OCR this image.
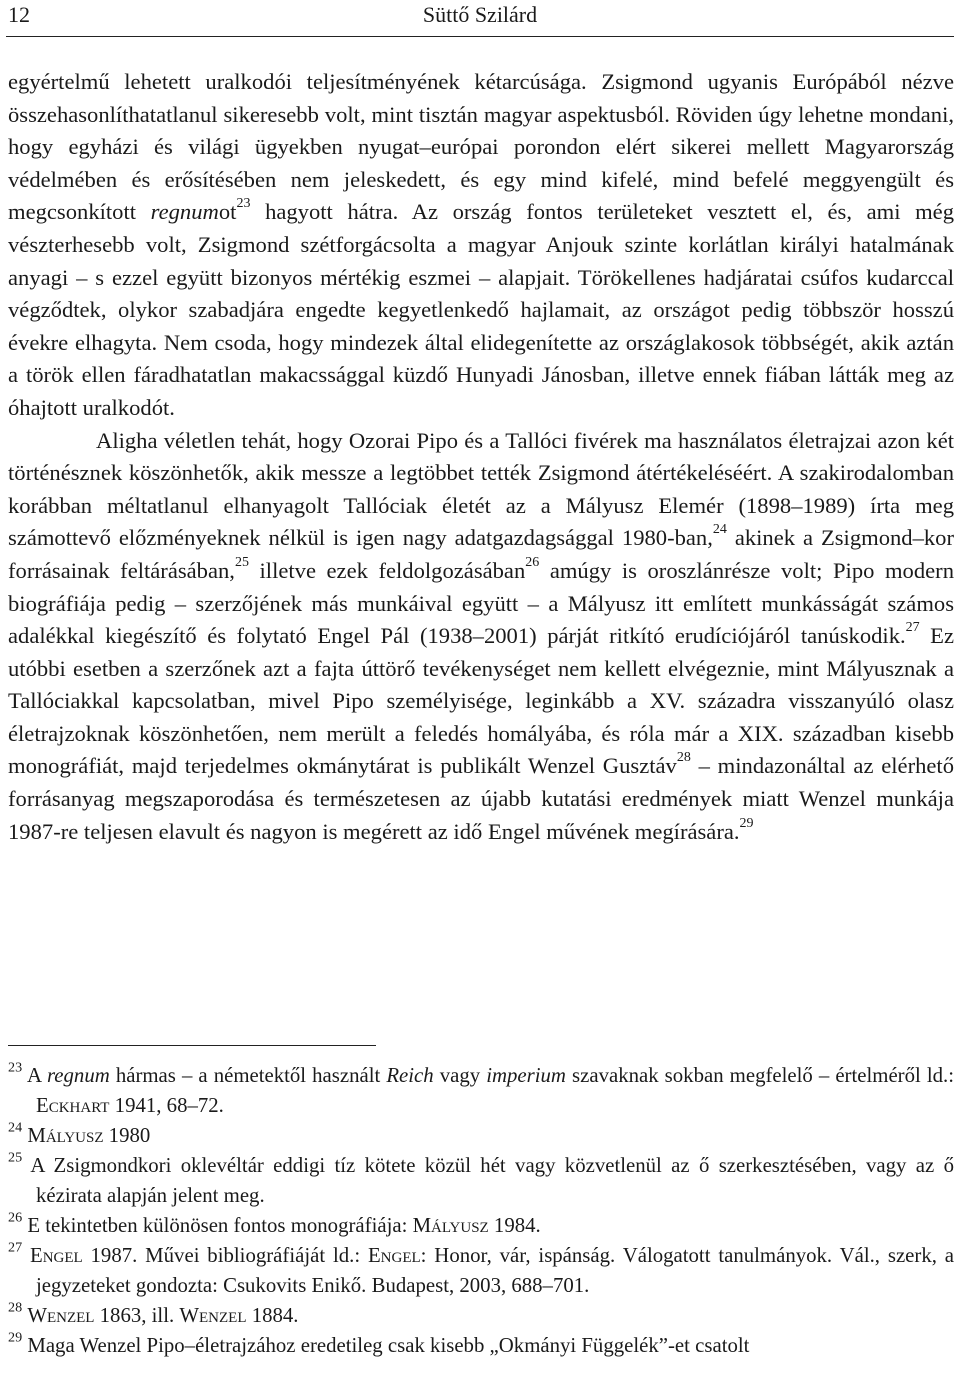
12	Süttő Szilárd

egyértelmű lehetett uralkodói teljesítményének kétarcúsága. Zsigmond ugyanis Európából nézve összehasonlíthatatlanul sikeresebb volt, mint tisztán magyar aspektusból. Röviden úgy lehetne mondani, hogy egyházi és világi ügyekben nyugat–európai porondon elért sikerei mellett Magyarország védelmében és erősítésében nem jeleskedett, és egy mind kifelé, mind befelé meggyengült és megcsonkított regnumot$^{23}$ hagyott hátra. Az ország fontos területeket vesztett el, és, ami még vészterhesebb volt, Zsigmond szétforgácsolta a magyar Anjouk szinte korlátlan királyi hatalmának anyagi – s ezzel együtt bizonyos mértékig eszmei – alapjait. Törökellenes hadjáratai csúfos kudarccal végződtek, olykor szabadjára engedte kegyetlenkedő hajlamait, az országot pedig többször hosszú évekre elhagyta. Nem csoda, hogy mindezek által elidegenítette az országlakosok többségét, akik aztán a török ellen fáradhatatlan makacssággal küzdő Hunyadi Jánosban, illetve ennek fiában látták meg az óhajtott uralkodót.

Aligha véletlen tehát, hogy Ozorai Pipo és a Tallóci fivérek ma használatos életrajzai azon két történésznek köszönhetők, akik messze a legtöbbet tették Zsigmond átértékeléséért. A szakirodalomban korábban méltatlanul elhanyagolt Tallóciak életét az a Mályusz Elemér (1898–1989) írta meg számottevő előzményeknek nélkül is igen nagy adatgazdagsággal 1980-ban,$^{24}$ akinek a Zsigmond–kor forrásainak feltárásában,$^{25}$ illetve ezek feldolgozásában$^{26}$ amúgy is oroszlánrésze volt; Pipo modern biográfiája pedig – szerzőjének más munkáival együtt – a Mályusz itt említett munkásságát számos adalékkal kiegészítő és folytató Engel Pál (1938–2001) párját ritkító erudíciójáról tanúskodik.$^{27}$ Ez utóbbi esetben a szerzőnek azt a fajta úttörő tevékenységet nem kellett elvégeznie, mint Mályusznak a Tallóciakkal kapcsolatban, mivel Pipo személyisége, leginkább a XV. századra visszanyúló olasz életrajzoknak köszönhetően, nem merült a feledés homályába, és róla már a XIX. században kisebb monográfiát, majd terjedelmes okmánytárat is publikált Wenzel Gusztáv$^{28}$ – mindazonáltal az elérhető forrásanyag megszaporodása és természetesen az újabb kutatási eredmények miatt Wenzel munkája 1987-re teljesen elavult és nagyon is megérett az idő Engel művének megírására.$^{29}$

$^{23}$ A regnum hármas – a németektől használt Reich vagy imperium szavaknak sokban megfelelő – értelméről ld.: Eckhart 1941, 68–72.

$^{24}$ Mályusz 1980

$^{25}$ A Zsigmondkori oklevéltár eddigi tíz kötete közül hét vagy közvetlenül az ő szerkesztésében, vagy az ő kézirata alapján jelent meg.

$^{26}$ E tekintetben különösen fontos monográfiája: Mályusz 1984.

$^{27}$ Engel 1987. Művei bibliográfiáját ld.: Engel: Honor, vár, ispánság. Válogatott tanulmányok. Vál., szerk, a jegyzeteket gondozta: Csukovits Enikő. Budapest, 2003, 688–701.

$^{28}$ Wenzel 1863, ill. Wenzel 1884.

$^{29}$ Maga Wenzel Pipo–életrajzához eredetileg csak kisebb „Okmányi Függelék”-et csatolt
